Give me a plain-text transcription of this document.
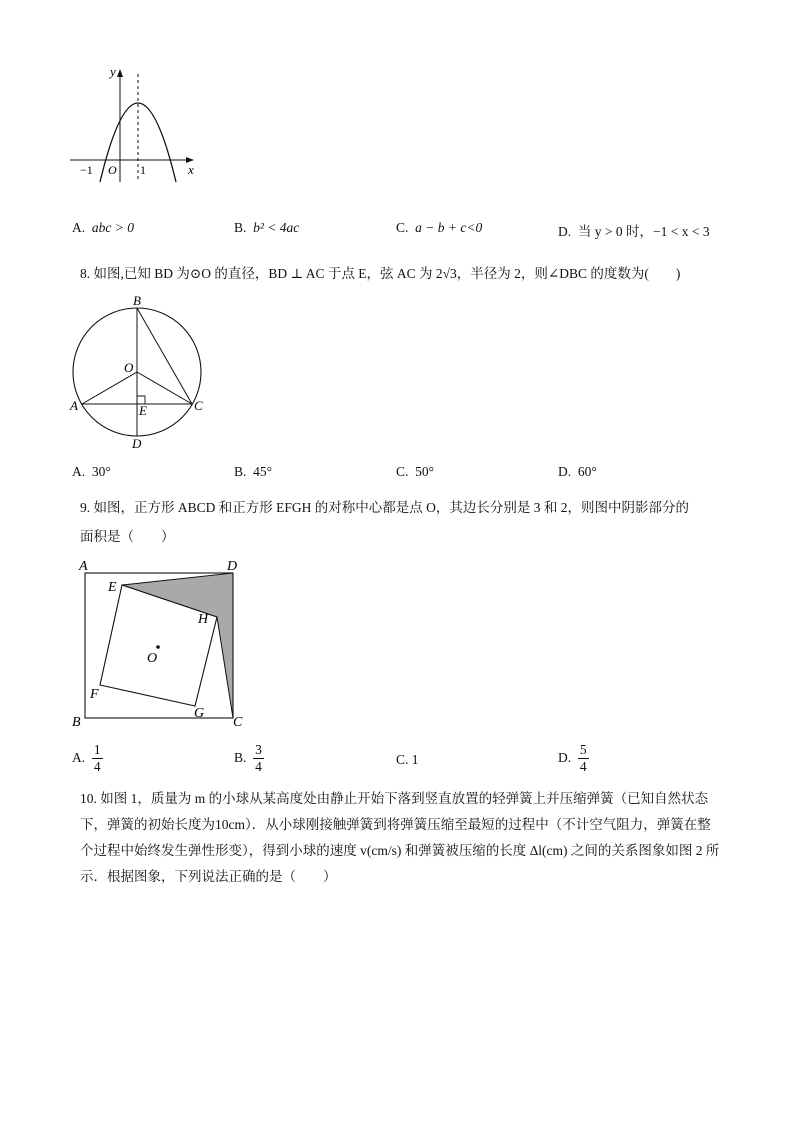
y
x
−1 O 1
A. abc > 0	B. b² < 4ac	C. a − b + c<0	D. 当 y > 0 时，−1 < x < 3
8. 如图,已知 BD 为⊙O 的直径，BD ⊥ AC 于点 E，弦 AC 为 2√3，半径为 2，则∠DBC 的度数为(　　)
B
O
A	E	C
D
A. 30°	B. 45°	C. 50°	D. 60°
9. 如图，正方形 ABCD 和正方形 EFGH 的对称中心都是点 O，其边长分别是 3 和 2，则图中阴影部分的
面积是（　　）
A	D
E
H
O
F
G
B	C
A. $\frac{1}{4}$	B. $\frac{3}{4}$	C. 1	D. $\frac{5}{4}$
10. 如图 1，质量为 m 的小球从某高度处由静止开始下落到竖直放置的轻弹簧上并压缩弹簧（已知自然状态下，弹簧的初始长度为10cm）．从小球刚接触弹簧到将弹簧压缩至最短的过程中（不计空气阻力，弹簧在整个过程中始终发生弹性形变），得到小球的速度 v(cm/s) 和弹簧被压缩的长度 Δl(cm) 之间的关系图象如图 2 所示．根据图象，下列说法正确的是（　　）
